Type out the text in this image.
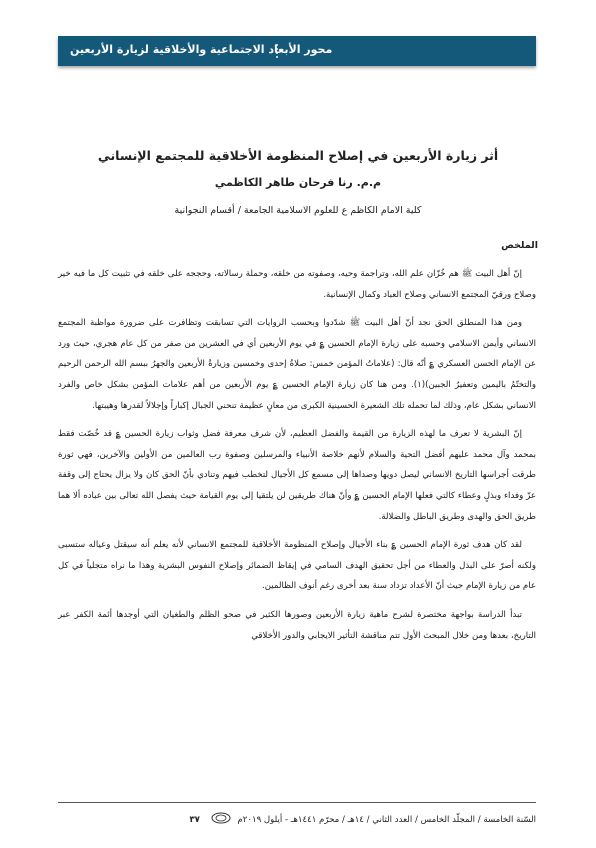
محور الأبعاد الاجتماعية والأخلاقية لزيارة الأربعين
أثر زيارة الأربعين في إصلاح المنظومة الأخلاقية للمجتمع الإنساني
م.م. رنا فرحان طاهر الكاظمي
كلية الامام الكاظم ع للعلوم الاسلامية الجامعة / أقسام النجوانية
الملخص

إنّ أهل البيت ﷺ هم خُزّان علم الله، وتراجمة وحيه، وصفوته من خلقه، وحملة رسالاته، وحججه على خلقه في تثبيت كل ما فيه خير وصلاح ورقيّ المجتمع الانساني وصلاح العباد وكمال الإنسانية.

ومن هذا المنطلق الحق نجد أنّ أهل البيت ﷺ شدّدوا وبحسب الروايات التي تسابقت وتظافرت على ضرورة مواظبة المجتمع الانساني وأيمن الاسلامي وحسبه على زيارة الإمام الحسين ؏ في يوم الأربعين أي في العشرين من صفر من كل عام هجري، حيث ورد عن الإمام الحسن العسكري ؏ أنّه قال: (علاماتُ المؤمن خمس: صلاةُ إحدى وخمسين وزيارةُ الأربعين والجهرُ ببسم الله الرحمن الرحيم والتختّمُ باليمين وتعفيرُ الجبين)(١). ومن هنا كان زيارة الإمام الحسين ؏ يوم الأربعين من أهم علامات المؤمن بشكل خاص والفرد الانساني بشكل عام، وذلك لما تحمله تلك الشعيرة الحسينية الكبرى من معانٍ عظيمة تنحني الجبال إكباراً وإجلالاً لقدرها وهيبتها.

إنّ البشرية لا تعرف ما لهذه الزيارة من القيمة والفضل العظيم، لأن شرف معرفة فضل وثواب زيارة الحسين ؏ قد خُصّت فقط بمحمد وآل محمد عليهم أفضل التحية والسلام لأنهم خلاصة الأنبياء والمرسلين وصفوة رب العالمين من الأولين والآخرين، فهي ثورة طرقت أجراسها التاريخ الانساني ليصل دويها وصداها إلى مسمع كل الأجيال لتخطب فيهم وتنادي بأنّ الحق كان ولا يزال يحتاج إلى وقفة عزّ وفداء وبذلٍ وعطاء كالتي فعلها الإمام الحسين ؏ وأنّ هناك طريقين لن يلتقيا إلى يوم القيامة حيث يفصل الله تعالى بين عباده ألا هما طريق الحق والهدى وطريق الباطل والضلالة.

لقد كان هدف ثورة الإمام الحسين ؏ بناء الأجيال وإصلاح المنظومة الأخلاقية للمجتمع الانساني لأنه يعلم أنه سيقتل وعياله ستسبى ولكنه أصرّ على البذل والعطاء من أجل تحقيق الهدف السامي في إيقاظ الضمائر وإصلاح النفوس البشرية وهذا ما نراه متجلياً في كل عام من زيارة الإمام حيث أنّ الأعداد تزداد سنة بعد أخرى رغم أنوف الظالمين.

تبدأ الدراسة بواجهة مختصرة لشرح ماهية زيارة الأربعين وصورها الكثير في صحو الظلم والطغيان التي أوجدها أئمة الكفر عبر التاريخ، بعدها ومن خلال المبحث الأول تتم مناقشة التأثير الايجابي والدور الأخلاقي

السّنة الخامسة / المجلّد الخامس / العدد الثاني / ١٤هـ / محرّم ١٤٤١هـ - أيلول ٢٠١٩م  ٣٧
